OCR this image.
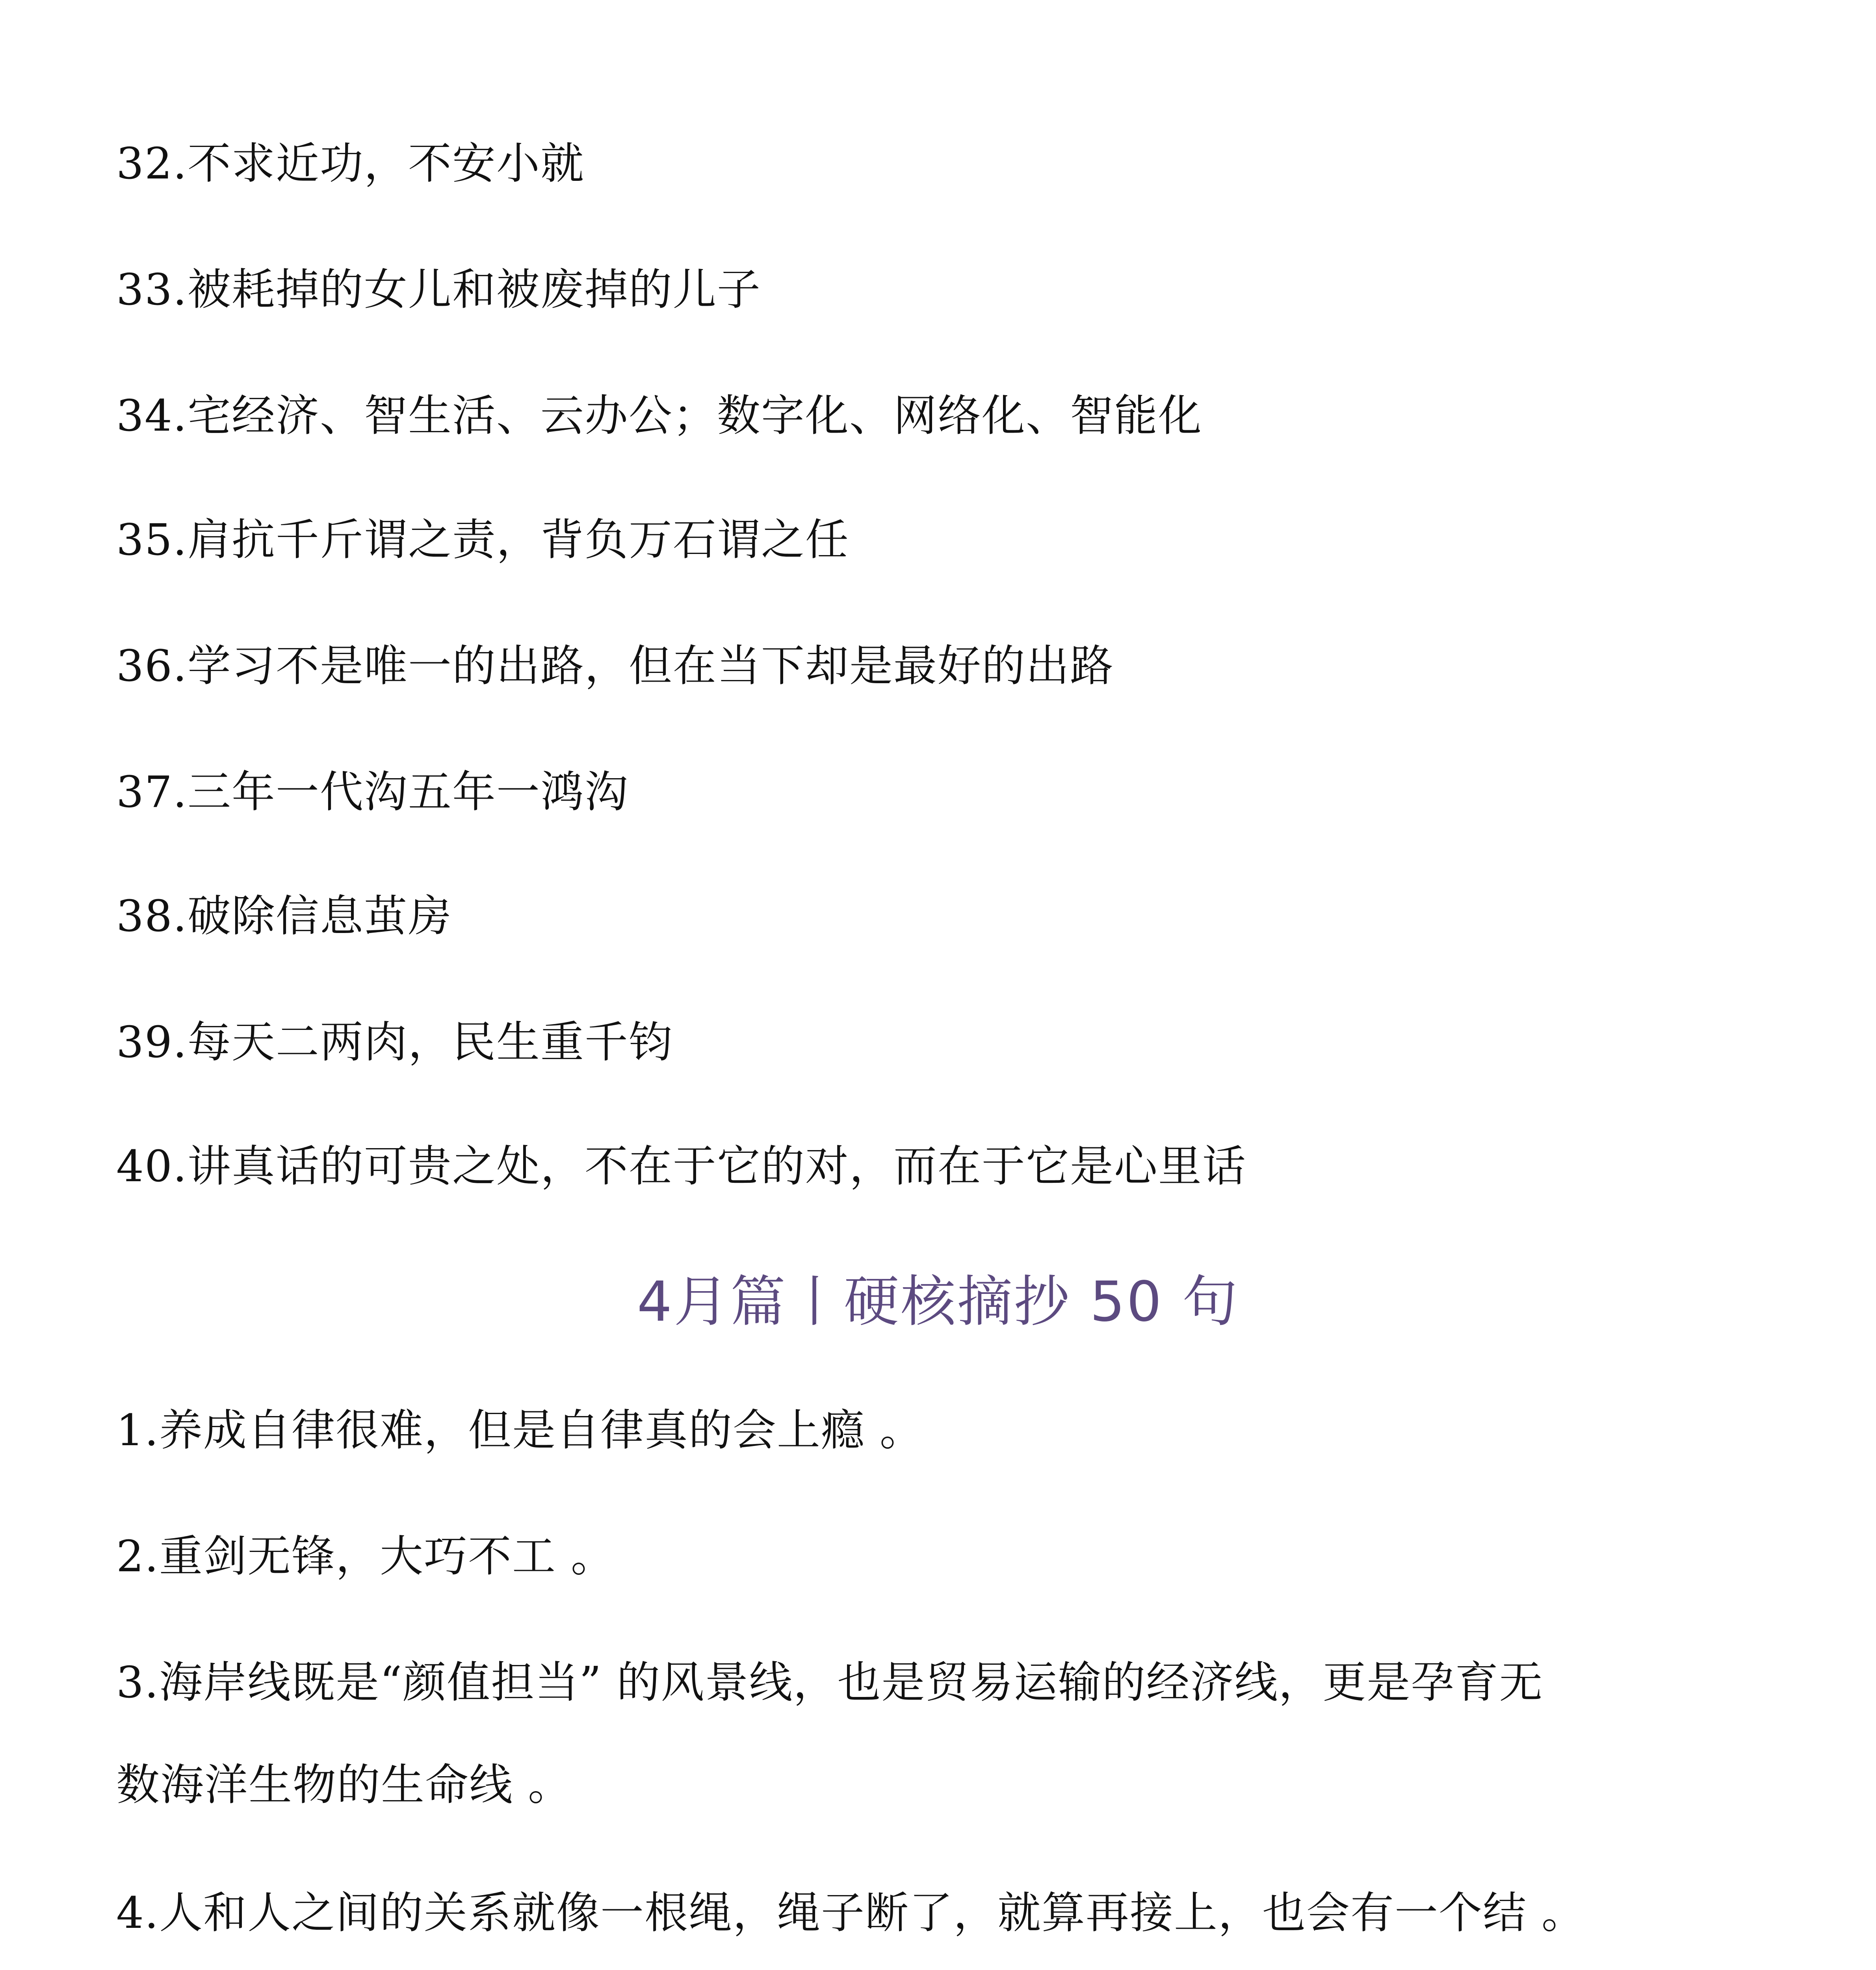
32.不求近功，不安小就
33.被耗掉的女儿和被废掉的儿子
34.宅经济、智生活、云办公；数字化、网络化、智能化
35.肩抗千斤谓之责，背负万石谓之任
36.学习不是唯一的出路，但在当下却是最好的出路
37.三年一代沟五年一鸿沟
38.破除信息茧房
39.每天二两肉，民生重千钧
40.讲真话的可贵之处，不在于它的对，而在于它是心里话
4月篇丨硬核摘抄 50 句
1.养成自律很难，但是自律真的会上瘾 。
2.重剑无锋，大巧不工 。
3.海岸线既是“颜值担当” 的风景线，也是贸易运输的经济线，更是孕育无
数海洋生物的生命线 。
4.人和人之间的关系就像一根绳，绳子断了，就算再接上，也会有一个结 。
